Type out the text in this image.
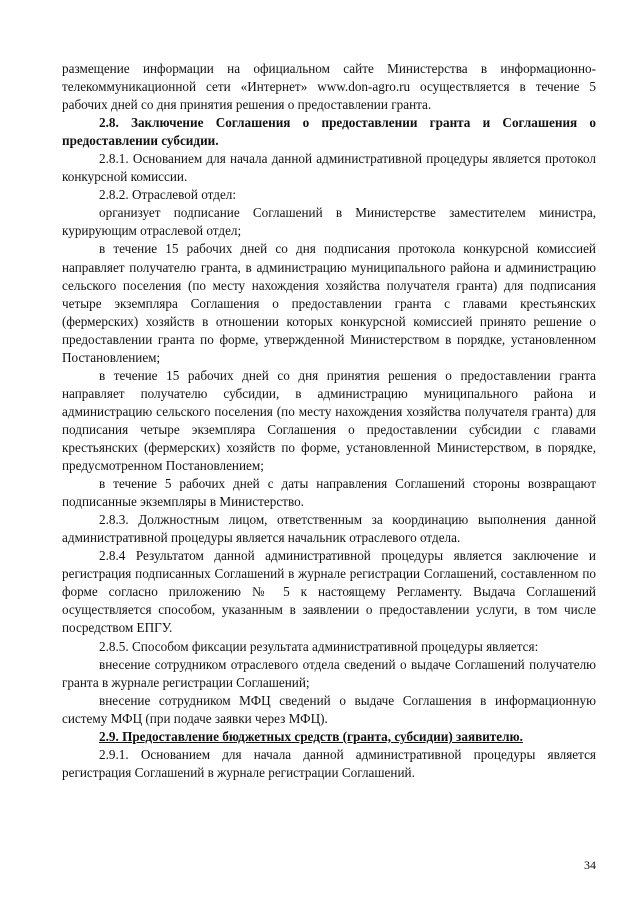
размещение информации на официальном сайте Министерства в информационно-телекоммуникационной сети «Интернет» www.don-agro.ru осуществляется в течение 5 рабочих дней со дня принятия решения о предоставлении гранта.

2.8. Заключение Соглашения о предоставлении гранта и Соглашения о предоставлении субсидии.

2.8.1. Основанием для начала данной административной процедуры является протокол конкурсной комиссии.

2.8.2. Отраслевой отдел:

организует подписание Соглашений в Министерстве заместителем министра, курирующим отраслевой отдел;

в течение 15 рабочих дней со дня подписания протокола конкурсной комиссией направляет получателю гранта, в администрацию муниципального района и администрацию сельского поселения (по месту нахождения хозяйства получателя гранта) для подписания четыре экземпляра Соглашения о предоставлении гранта с главами крестьянских (фермерских) хозяйств в отношении которых конкурсной комиссией принято решение о предоставлении гранта по форме, утвержденной Министерством в порядке, установленном Постановлением;

в течение 15 рабочих дней со дня принятия решения о предоставлении гранта направляет получателю субсидии, в администрацию муниципального района и администрацию сельского поселения (по месту нахождения хозяйства получателя гранта) для подписания четыре экземпляра Соглашения о предоставлении субсидии с главами крестьянских (фермерских) хозяйств по форме, установленной Министерством, в порядке, предусмотренном Постановлением;

в течение 5 рабочих дней с даты направления Соглашений стороны возвращают подписанные экземпляры в Министерство.

2.8.3. Должностным лицом, ответственным за координацию выполнения данной административной процедуры является начальник отраслевого отдела.

2.8.4 Результатом данной административной процедуры является заключение и регистрация подписанных Соглашений в журнале регистрации Соглашений, составленном по форме согласно приложению № 5 к настоящему Регламенту. Выдача Соглашений осуществляется способом, указанным в заявлении о предоставлении услуги, в том числе посредством ЕПГУ.

2.8.5. Способом фиксации результата административной процедуры является:

внесение сотрудником отраслевого отдела сведений о выдаче Соглашений получателю гранта в журнале регистрации Соглашений;

внесение сотрудником МФЦ сведений о выдаче Соглашения в информационную систему МФЦ (при подаче заявки через МФЦ).

2.9. Предоставление бюджетных средств (гранта, субсидии) заявителю.

2.9.1. Основанием для начала данной административной процедуры является регистрация Соглашений в журнале регистрации Соглашений.

34
